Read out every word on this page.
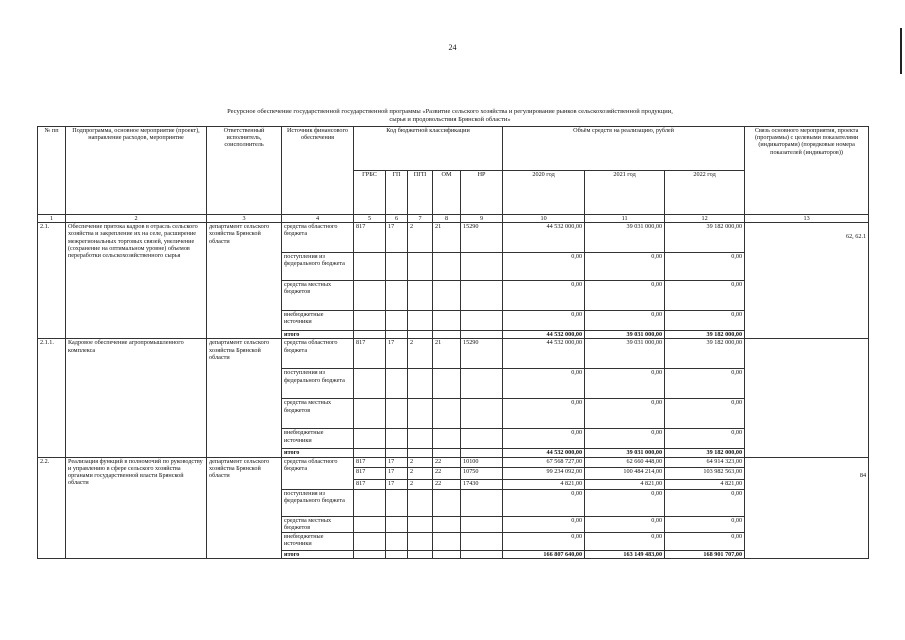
24
Ресурсное обеспечение государственной государственной программы «Развитие сельского хозяйства и регулирование рынков сельскохозяйственной продукции,
сырья и продовольствия Брянской области»
№ пп	Подпрограмма, основное мероприятие (проект), направление расходов, мероприятие	Ответственный исполнитель, соисполнитель	Источник финансового обеспечения	Код бюджетной классификации					Объём средств на реализацию, рублей			Связь основного мероприятия, проекта (программы) с целевыми показателями (индикаторами) (порядковые номера показателей (индикаторов))
				ГРБС	ГП	ПГП	ОМ	НР	2020 год	2021 год	2022 год	
1	2	3	4	5	6	7	8	9	10	11	12	13
2.1.	Обеспечение притока кадров в отрасль сельского хозяйства и закрепление их на селе, расширение межрегиональных торговых связей, увеличение (сохранение на оптимальном уровне) объемов переработки сельскохозяйственного сырья	департамент сельского хозяйства Брянской области	средства областного бюджета	817	17	2	21	15290	44 532 000,00	39 031 000,00	39 182 000,00	62, 62.1
			поступления из федерального бюджета						0,00	0,00	0,00	
			средства местных бюджетов						0,00	0,00	0,00	
			внебюджетные источники						0,00	0,00	0,00	
			итого						44 532 000,00	39 031 000,00	39 182 000,00	
2.1.1.	Кадровое обеспечение агропромышленного комплекса	департамент сельского хозяйства Брянской области	средства областного бюджета	817	17	2	21	15290	44 532 000,00	39 031 000,00	39 182 000,00	
			поступления из федерального бюджета						0,00	0,00	0,00	
			средства местных бюджетов						0,00	0,00	0,00	
			внебюджетные источники						0,00	0,00	0,00	
			итого						44 532 000,00	39 031 000,00	39 182 000,00	
2.2.	Реализация функций в полномочий по руководству и управлению в сфере сельского хозяйства органами государственной власти Брянской области	департамент сельского хозяйства Брянской области	средства областного бюджета	817	17	2	22	10100	67 568 727,00	62 660 448,00	64 914 323,00	84
				817	17	2	22	10750	99 234 092,00	100 484 214,00	103 982 563,00	
				817	17	2	22	17430	4 821,00	4 821,00	4 821,00	
			поступления из федерального бюджета						0,00	0,00	0,00	
			средства местных бюджетов						0,00	0,00	0,00	
			внебюджетные источники						0,00	0,00	0,00	
			итого						166 807 640,00	163 149 483,00	168 901 707,00	
